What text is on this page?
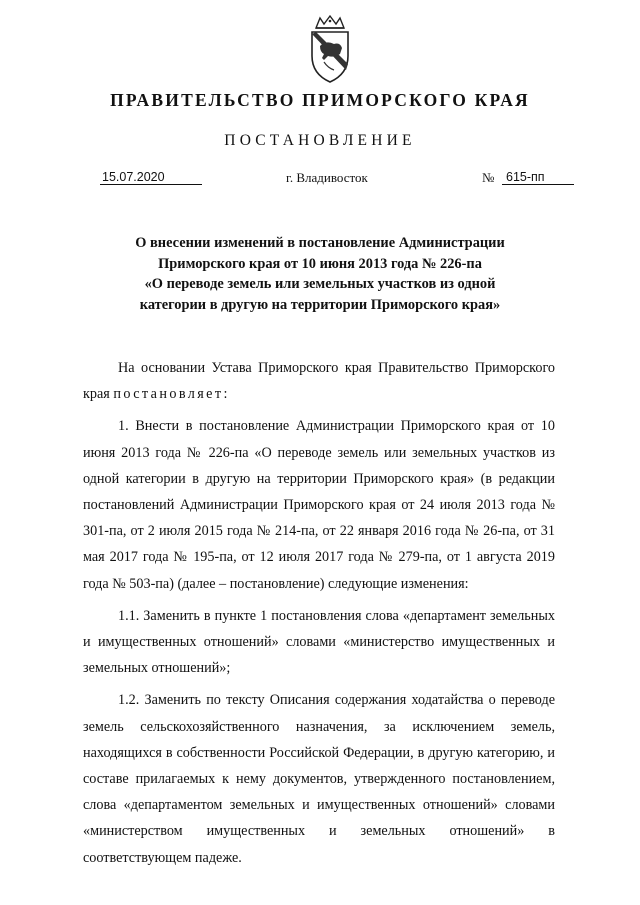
ПРАВИТЕЛЬСТВО ПРИМОРСКОГО КРАЯ
ПОСТАНОВЛЕНИЕ
15.07.2020	г. Владивосток	№ 615-пп
О внесении изменений в постановление Администрации
Приморского края от 10 июня 2013 года № 226-па
«О переводе земель или земельных участков из одной
категории в другую на территории Приморского края»

На основании Устава Приморского края Правительство Приморского края постановляет:

1. Внести в постановление Администрации Приморского края от 10 июня 2013 года № 226-па «О переводе земель или земельных участков из одной категории в другую на территории Приморского края» (в редакции постановлений Администрации Приморского края от 24 июля 2013 года № 301-па, от 2 июля 2015 года № 214-па, от 22 января 2016 года № 26-па, от 31 мая 2017 года № 195-па, от 12 июля 2017 года № 279-па, от 1 августа 2019 года № 503-па) (далее – постановление) следующие изменения:

1.1. Заменить в пункте 1 постановления слова «департамент земельных и имущественных отношений» словами «министерство имущественных и земельных отношений»;

1.2. Заменить по тексту Описания содержания ходатайства о переводе земель сельскохозяйственного назначения, за исключением земель, находящихся в собственности Российской Федерации, в другую категорию, и составе прилагаемых к нему документов, утвержденного постановлением, слова «департаментом земельных и имущественных отношений» словами «министерством имущественных и земельных отношений» в соответствующем падеже.
